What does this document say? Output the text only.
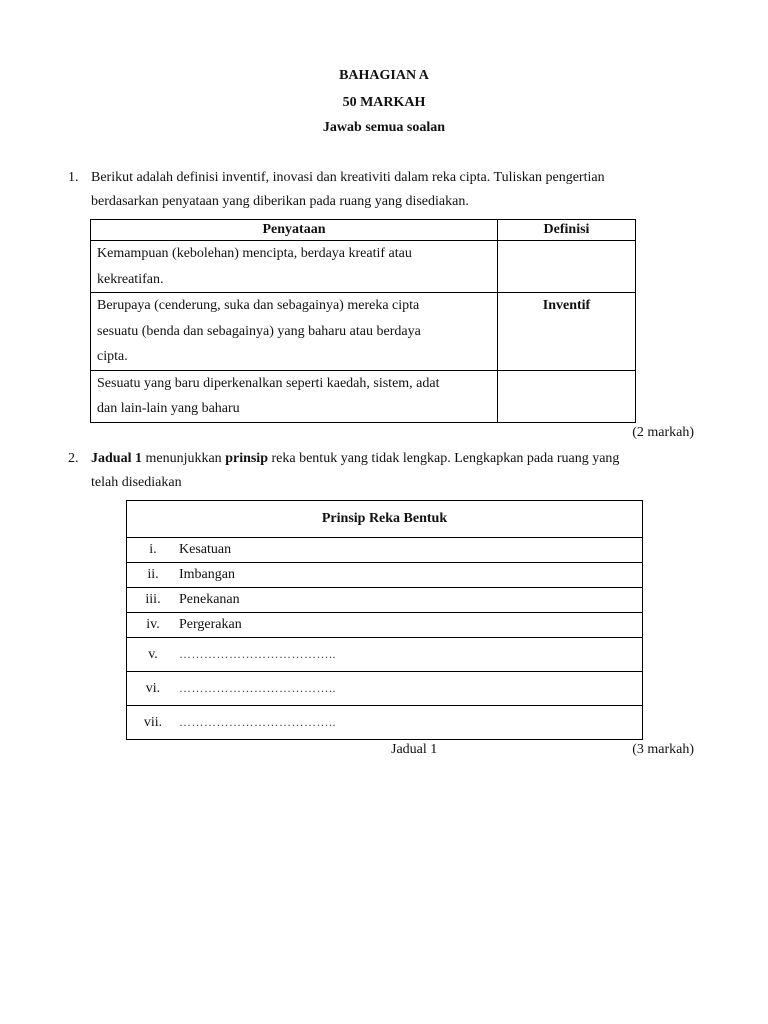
BAHAGIAN A
50 MARKAH
Jawab semua soalan
1. Berikut adalah definisi inventif, inovasi dan kreativiti dalam reka cipta. Tuliskan pengertian
berdasarkan penyataan yang diberikan pada ruang yang disediakan.
Penyataan	Definisi

Kemampuan (kebolehan) mencipta, berdaya kreatif atau
kekreatifan.	

Berupaya (cenderung, suka dan sebagainya) mereka cipta
sesuatu (benda dan sebagainya) yang baharu atau berdaya
cipta.	Inventif

Sesuatu yang baru diperkenalkan seperti kaedah, sistem, adat
dan lain-lain yang baharu	

(2 markah)
2. Jadual 1 menunjukkan prinsip reka bentuk yang tidak lengkap. Lengkapkan pada ruang yang
telah disediakan
Prinsip Reka Bentuk	
i.	Kesatuan
ii.	Imbangan
iii.	Penekanan
iv.	Pergerakan
v.	………………………………..
vi.	………………………………..
vii.	………………………………..
Jadual 1	(3 markah)
